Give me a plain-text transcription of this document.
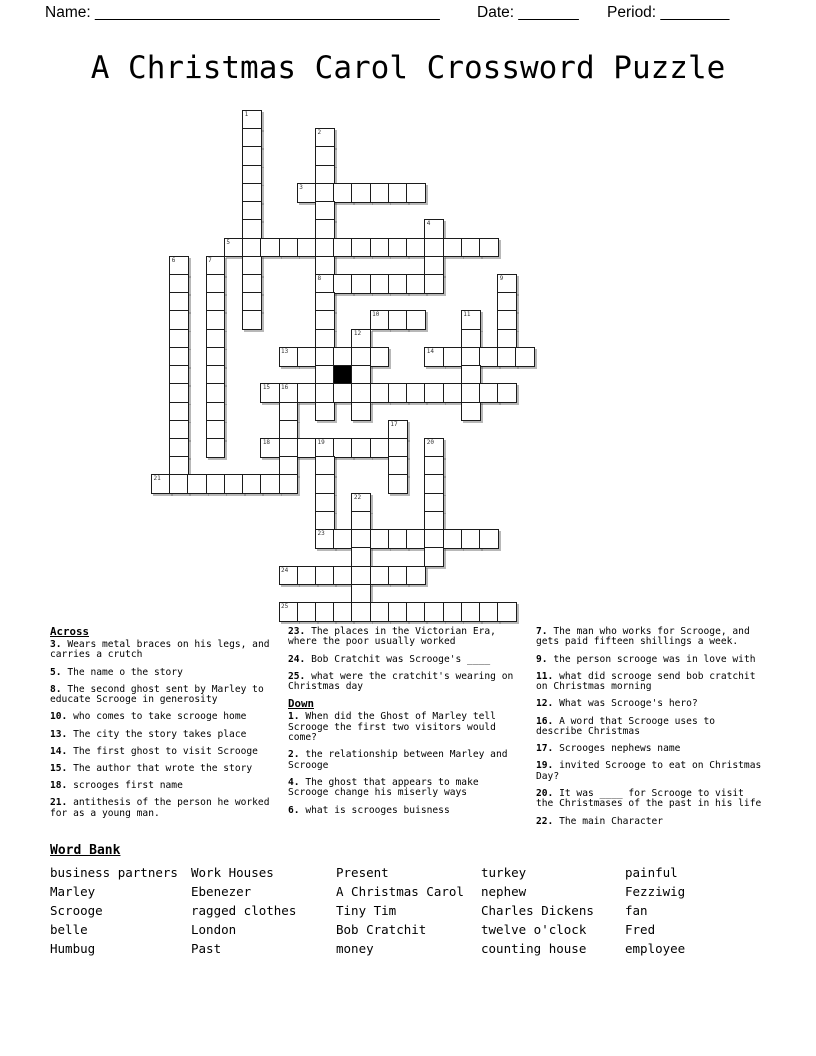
Name: ________________________________________ Date: _______ Period: ________
A Christmas Carol Crossword Puzzle
1
2
3
4
5
6	7
8	9
10	11
12
13	14
15 16
17
18	19	20
21
22
23
24
25
Across
3. Wears metal braces on his legs, and carries a crutch
5. The name o the story
8. The second ghost sent by Marley to educate Scrooge in generosity
10. who comes to take scrooge home
13. The city the story takes place
14. The first ghost to visit Scrooge
15. The author that wrote the story
18. scrooges first name
21. antithesis of the person he worked for as a young man.
23. The places in the Victorian Era, where the poor usually worked
24. Bob Cratchit was Scrooge's ____
25. what were the cratchit's wearing on Christmas day
Down
1. When did the Ghost of Marley tell Scrooge the first two visitors would come?
2. the relationship between Marley and Scrooge
4. The ghost that appears to make Scrooge change his miserly ways
6. what is scrooges buisness
7. The man who works for Scrooge, and gets paid fifteen shillings a week.
9. the person scrooge was in love with
11. what did scrooge send bob cratchit on Christmas morning
12. What was Scrooge's hero?
16. A word that Scrooge uses to describe Christmas
17. Scrooges nephews name
19. invited Scrooge to eat on Christmas Day?
20. It was ____ for Scrooge to visit the Christmases of the past in his life
22. The main Character
Word Bank
business partners
Marley
Scrooge
belle
Humbug
Work Houses
Ebenezer
ragged clothes
London
Past
Present
A Christmas Carol
Tiny Tim
Bob Cratchit
money
turkey
nephew
Charles Dickens
twelve o'clock
counting house
painful
Fezziwig
fan
Fred
employee
